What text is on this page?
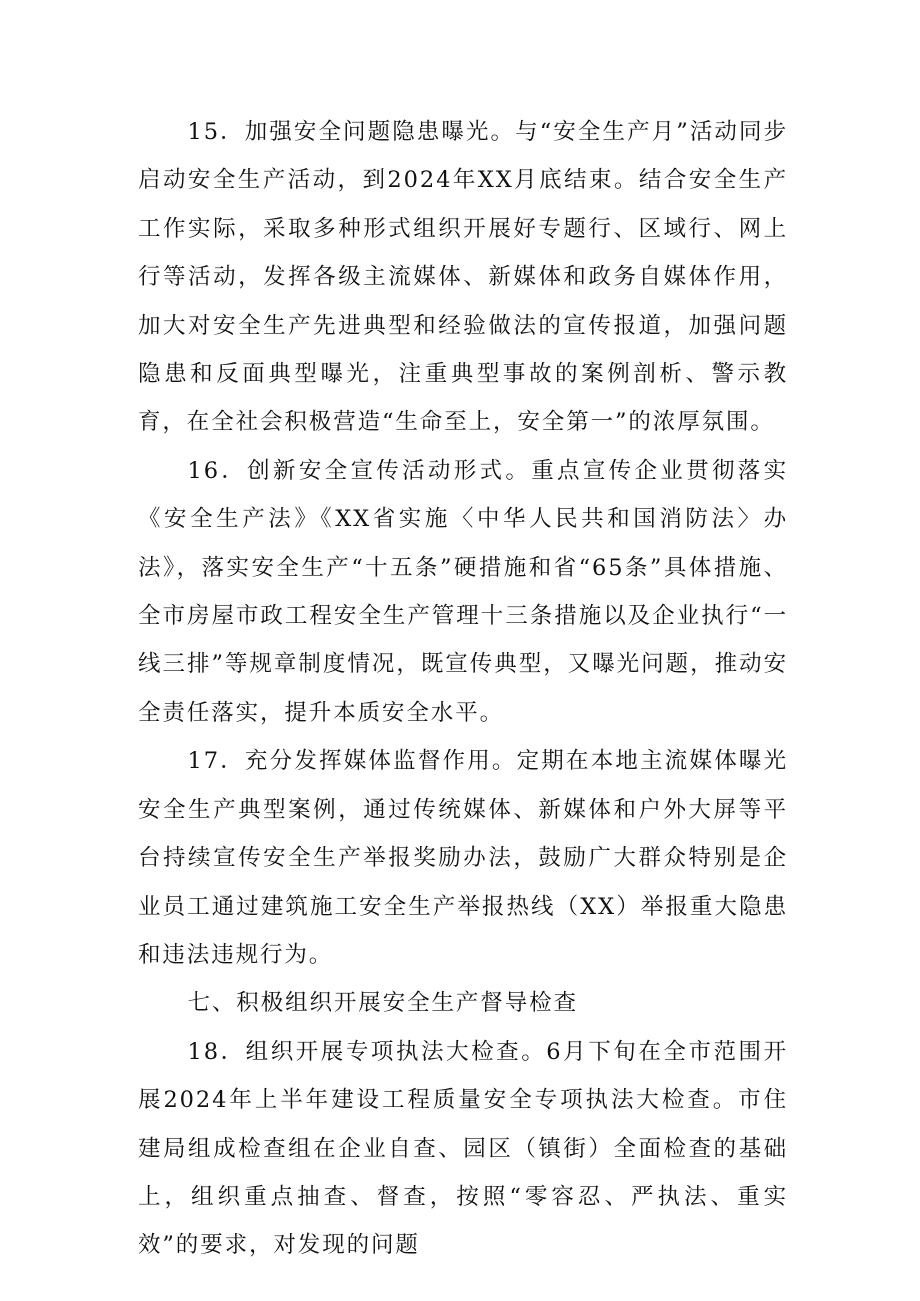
15．加强安全问题隐患曝光。与“安全生产月”活动同步启动安全生产活动，到2024年XX月底结束。结合安全生产工作实际，采取多种形式组织开展好专题行、区域行、网上行等活动，发挥各级主流媒体、新媒体和政务自媒体作用，加大对安全生产先进典型和经验做法的宣传报道，加强问题隐患和反面典型曝光，注重典型事故的案例剖析、警示教育，在全社会积极营造“生命至上，安全第一”的浓厚氛围。

16．创新安全宣传活动形式。重点宣传企业贯彻落实《安全生产法》《XX省实施〈中华人民共和国消防法〉办法》，落实安全生产“十五条”硬措施和省“65条”具体措施、全市房屋市政工程安全生产管理十三条措施以及企业执行“一线三排”等规章制度情况，既宣传典型，又曝光问题，推动安全责任落实，提升本质安全水平。

17．充分发挥媒体监督作用。定期在本地主流媒体曝光安全生产典型案例，通过传统媒体、新媒体和户外大屏等平台持续宣传安全生产举报奖励办法，鼓励广大群众特别是企业员工通过建筑施工安全生产举报热线（XX）举报重大隐患和违法违规行为。

七、积极组织开展安全生产督导检查

18．组织开展专项执法大检查。6月下旬在全市范围开展2024年上半年建设工程质量安全专项执法大检查。市住建局组成检查组在企业自查、园区（镇街）全面检查的基础上，组织重点抽查、督查，按照“零容忍、严执法、重实效”的要求，对发现的问题
